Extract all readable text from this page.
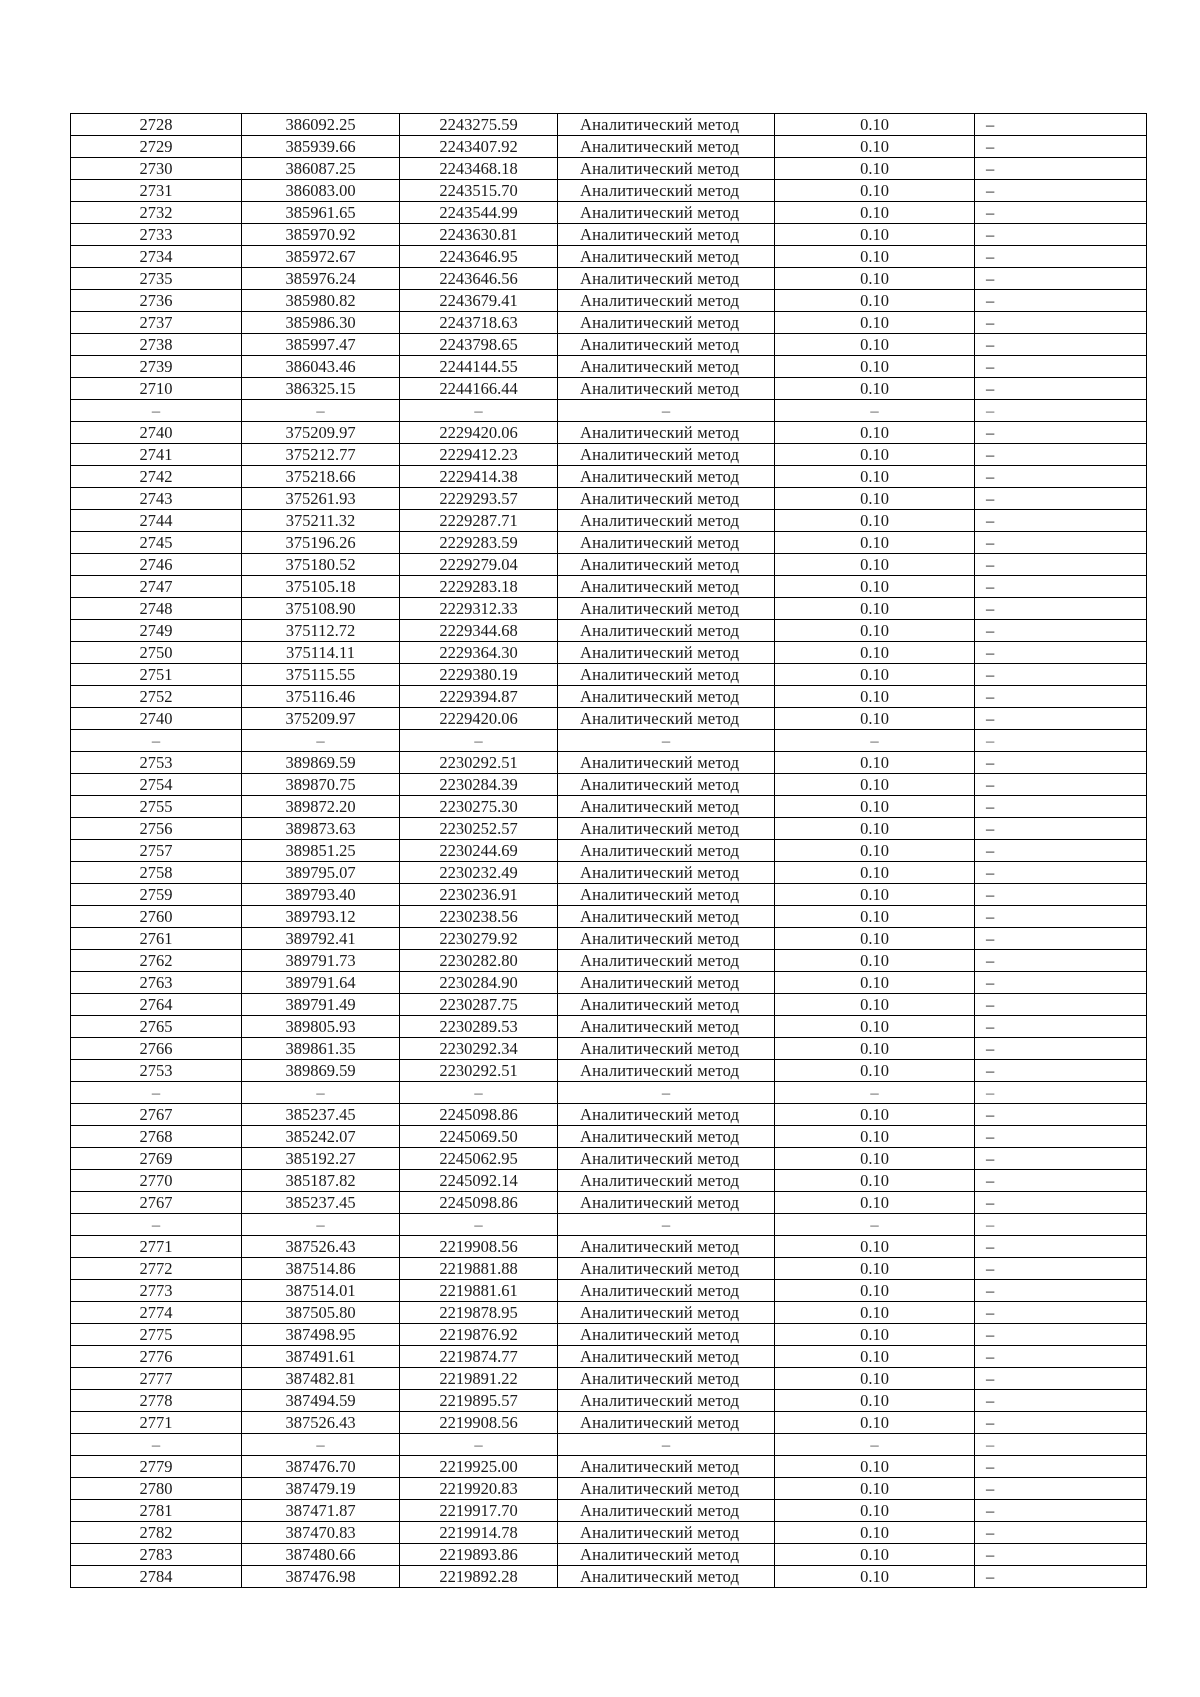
2728	386092.25	2243275.59	Аналитический метод	0.10	–
2729	385939.66	2243407.92	Аналитический метод	0.10	–
2730	386087.25	2243468.18	Аналитический метод	0.10	–
2731	386083.00	2243515.70	Аналитический метод	0.10	–
2732	385961.65	2243544.99	Аналитический метод	0.10	–
2733	385970.92	2243630.81	Аналитический метод	0.10	–
2734	385972.67	2243646.95	Аналитический метод	0.10	–
2735	385976.24	2243646.56	Аналитический метод	0.10	–
2736	385980.82	2243679.41	Аналитический метод	0.10	–
2737	385986.30	2243718.63	Аналитический метод	0.10	–
2738	385997.47	2243798.65	Аналитический метод	0.10	–
2739	386043.46	2244144.55	Аналитический метод	0.10	–
2710	386325.15	2244166.44	Аналитический метод	0.10	–
–	–	–	–	–	–
2740	375209.97	2229420.06	Аналитический метод	0.10	–
2741	375212.77	2229412.23	Аналитический метод	0.10	–
2742	375218.66	2229414.38	Аналитический метод	0.10	–
2743	375261.93	2229293.57	Аналитический метод	0.10	–
2744	375211.32	2229287.71	Аналитический метод	0.10	–
2745	375196.26	2229283.59	Аналитический метод	0.10	–
2746	375180.52	2229279.04	Аналитический метод	0.10	–
2747	375105.18	2229283.18	Аналитический метод	0.10	–
2748	375108.90	2229312.33	Аналитический метод	0.10	–
2749	375112.72	2229344.68	Аналитический метод	0.10	–
2750	375114.11	2229364.30	Аналитический метод	0.10	–
2751	375115.55	2229380.19	Аналитический метод	0.10	–
2752	375116.46	2229394.87	Аналитический метод	0.10	–
2740	375209.97	2229420.06	Аналитический метод	0.10	–
–	–	–	–	–	–
2753	389869.59	2230292.51	Аналитический метод	0.10	–
2754	389870.75	2230284.39	Аналитический метод	0.10	–
2755	389872.20	2230275.30	Аналитический метод	0.10	–
2756	389873.63	2230252.57	Аналитический метод	0.10	–
2757	389851.25	2230244.69	Аналитический метод	0.10	–
2758	389795.07	2230232.49	Аналитический метод	0.10	–
2759	389793.40	2230236.91	Аналитический метод	0.10	–
2760	389793.12	2230238.56	Аналитический метод	0.10	–
2761	389792.41	2230279.92	Аналитический метод	0.10	–
2762	389791.73	2230282.80	Аналитический метод	0.10	–
2763	389791.64	2230284.90	Аналитический метод	0.10	–
2764	389791.49	2230287.75	Аналитический метод	0.10	–
2765	389805.93	2230289.53	Аналитический метод	0.10	–
2766	389861.35	2230292.34	Аналитический метод	0.10	–
2753	389869.59	2230292.51	Аналитический метод	0.10	–
–	–	–	–	–	–
2767	385237.45	2245098.86	Аналитический метод	0.10	–
2768	385242.07	2245069.50	Аналитический метод	0.10	–
2769	385192.27	2245062.95	Аналитический метод	0.10	–
2770	385187.82	2245092.14	Аналитический метод	0.10	–
2767	385237.45	2245098.86	Аналитический метод	0.10	–
–	–	–	–	–	–
2771	387526.43	2219908.56	Аналитический метод	0.10	–
2772	387514.86	2219881.88	Аналитический метод	0.10	–
2773	387514.01	2219881.61	Аналитический метод	0.10	–
2774	387505.80	2219878.95	Аналитический метод	0.10	–
2775	387498.95	2219876.92	Аналитический метод	0.10	–
2776	387491.61	2219874.77	Аналитический метод	0.10	–
2777	387482.81	2219891.22	Аналитический метод	0.10	–
2778	387494.59	2219895.57	Аналитический метод	0.10	–
2771	387526.43	2219908.56	Аналитический метод	0.10	–
–	–	–	–	–	–
2779	387476.70	2219925.00	Аналитический метод	0.10	–
2780	387479.19	2219920.83	Аналитический метод	0.10	–
2781	387471.87	2219917.70	Аналитический метод	0.10	–
2782	387470.83	2219914.78	Аналитический метод	0.10	–
2783	387480.66	2219893.86	Аналитический метод	0.10	–
2784	387476.98	2219892.28	Аналитический метод	0.10	–
